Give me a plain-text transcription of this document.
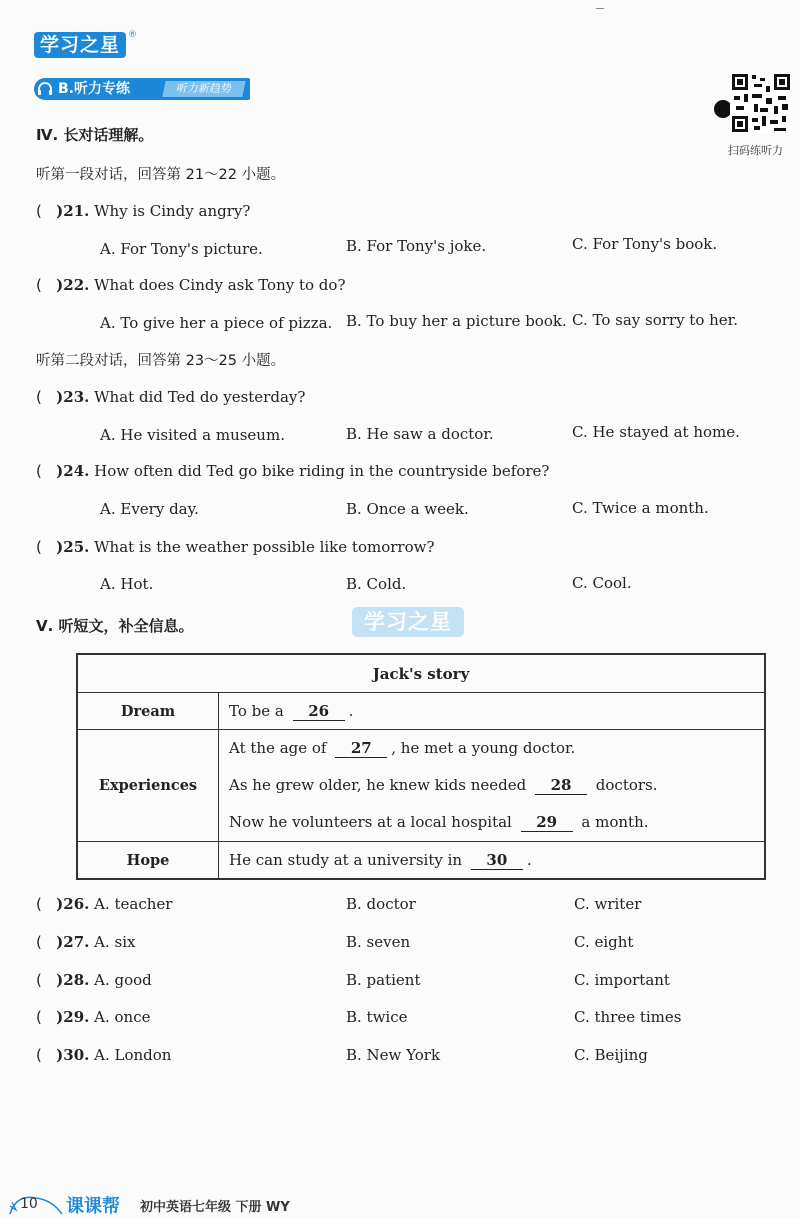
学习之星 ®
B.听力专练	听力新趋势
扫码练听力
Ⅳ. 长对话理解。
听第一段对话，回答第 21～22 小题。
(   )21. Why is Cindy angry?
A. For Tony's picture.	B. For Tony's joke.	C. For Tony's book.
(   )22. What does Cindy ask Tony to do?
A. To give her a piece of pizza. B. To buy her a picture book. C. To say sorry to her.
听第二段对话，回答第 23～25 小题。
(   )23. What did Ted do yesterday?
A. He visited a museum.	B. He saw a doctor.	C. He stayed at home.
(   )24. How often did Ted go bike riding in the countryside before?
A. Every day.	B. Once a week.	C. Twice a month.
(   )25. What is the weather possible like tomorrow?
A. Hot.	B. Cold.	C. Cool.
Ⅴ. 听短文，补全信息。	学习之星
Jack's story	
Dream	To be a 26 .
Experiences	At the age of 27 , he met a young doctor.
As he grew older, he knew kids needed 28 doctors.
Now he volunteers at a local hospital 29 a month.

Hope	He can study at a university in 30 .
(   )26. A. teacher	B. doctor	C. writer
(   )27. A. six	B. seven	C. eight
(   )28. A. good	B. patient	C. important
(   )29. A. once	B. twice	C. three times
(   )30. A. London	B. New York	C. Beijing
10 课课帮 初中英语七年级 下册 WY
